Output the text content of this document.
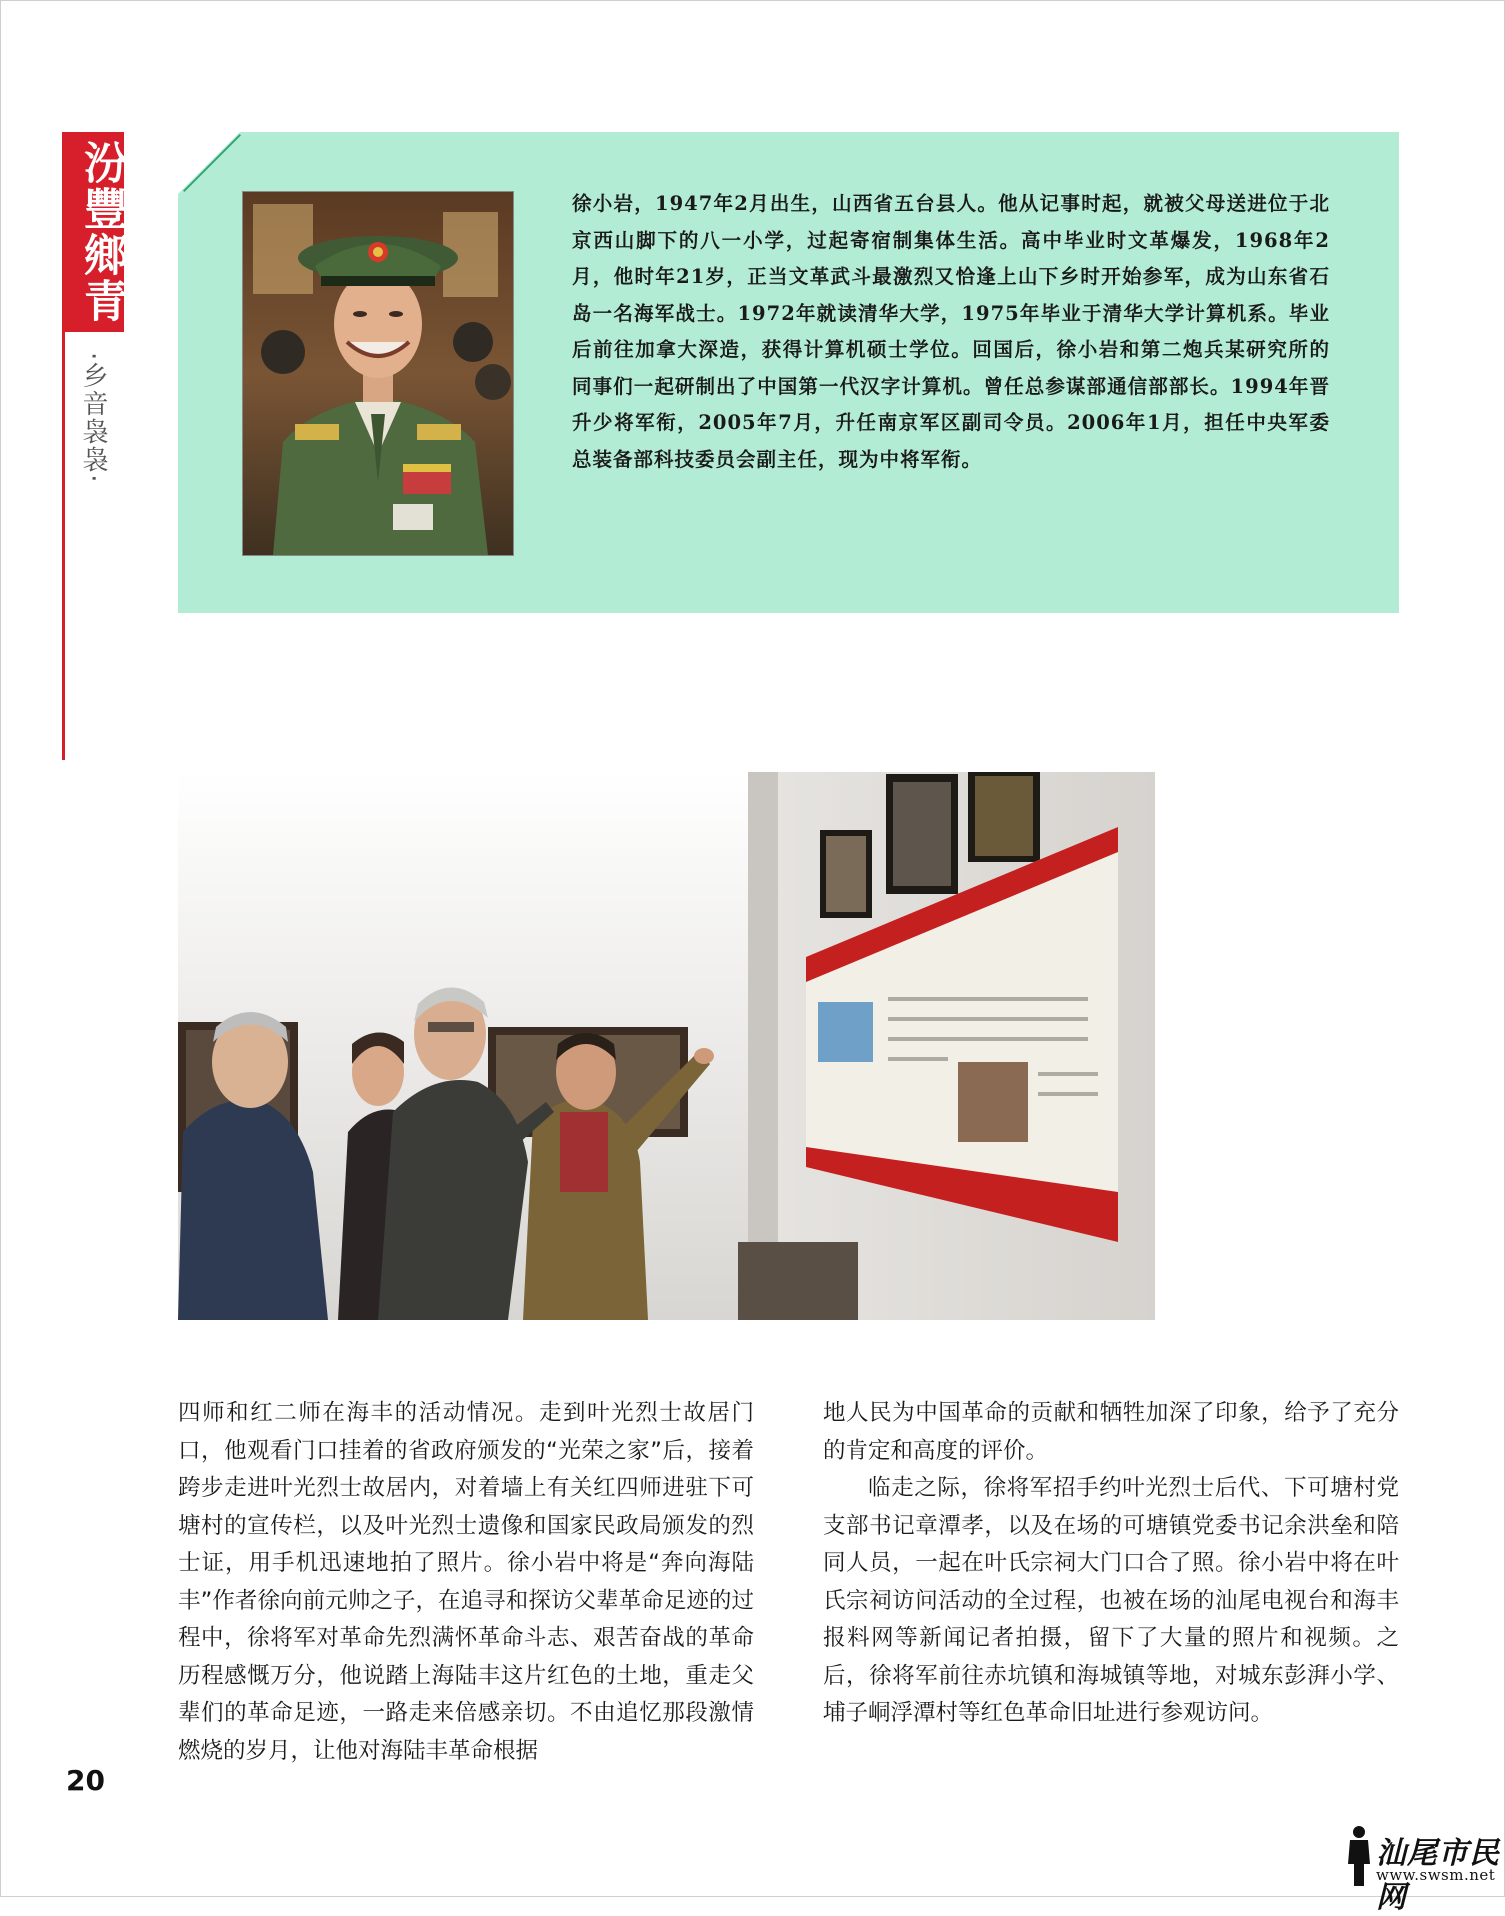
汾豐鄉青
·乡音袅袅·
徐小岩，1947年2月出生，山西省五台县人。他从记事时起，就被父母送进位于北京西山脚下的八一小学，过起寄宿制集体生活。高中毕业时文革爆发，1968年2月，他时年21岁，正当文革武斗最激烈又恰逢上山下乡时开始参军，成为山东省石岛一名海军战士。1972年就读清华大学，1975年毕业于清华大学计算机系。毕业后前往加拿大深造，获得计算机硕士学位。回国后，徐小岩和第二炮兵某研究所的同事们一起研制出了中国第一代汉字计算机。曾任总参谋部通信部部长。1994年晋升少将军衔，2005年7月，升任南京军区副司令员。2006年1月，担任中央军委总装备部科技委员会副主任，现为中将军衔。

四师和红二师在海丰的活动情况。走到叶光烈士故居门口，他观看门口挂着的省政府颁发的“光荣之家”后，接着跨步走进叶光烈士故居内，对着墙上有关红四师进驻下可塘村的宣传栏，以及叶光烈士遗像和国家民政局颁发的烈士证，用手机迅速地拍了照片。徐小岩中将是“奔向海陆丰”作者徐向前元帅之子，在追寻和探访父辈革命足迹的过程中，徐将军对革命先烈满怀革命斗志、艰苦奋战的革命历程感慨万分，他说踏上海陆丰这片红色的土地，重走父辈们的革命足迹，一路走来倍感亲切。不由追忆那段激情燃烧的岁月，让他对海陆丰革命根据

地人民为中国革命的贡献和牺牲加深了印象，给予了充分的肯定和高度的评价。

临走之际，徐将军招手约叶光烈士后代、下可塘村党支部书记章潭孝，以及在场的可塘镇党委书记余洪垒和陪同人员，一起在叶氏宗祠大门口合了照。徐小岩中将在叶氏宗祠访问活动的全过程，也被在场的汕尾电视台和海丰报料网等新闻记者拍摄，留下了大量的照片和视频。之后，徐将军前往赤坑镇和海城镇等地，对城东彭湃小学、埔子峒浮潭村等红色革命旧址进行参观访问。

20
汕尾市民网
www.swsm.net
